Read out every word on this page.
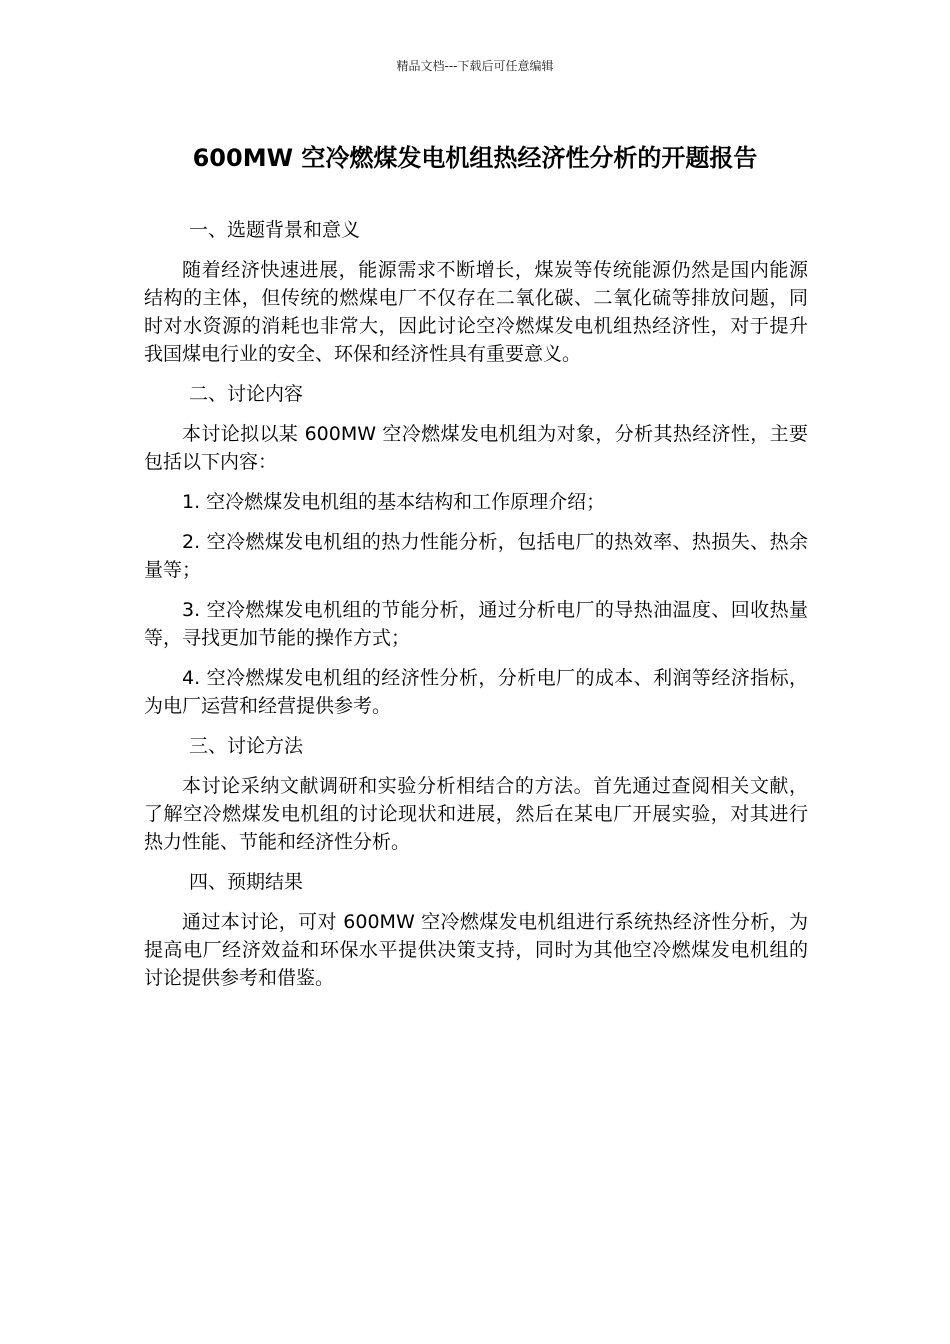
精品文档---下载后可任意编辑
600MW 空冷燃煤发电机组热经济性分析的开题报告

一、选题背景和意义

随着经济快速进展，能源需求不断增长，煤炭等传统能源仍然是国内能源结构的主体，但传统的燃煤电厂不仅存在二氧化碳、二氧化硫等排放问题，同时对水资源的消耗也非常大，因此讨论空冷燃煤发电机组热经济性，对于提升我国煤电行业的安全、环保和经济性具有重要意义。

二、讨论内容

本讨论拟以某 600MW 空冷燃煤发电机组为对象，分析其热经济性，主要包括以下内容：

1. 空冷燃煤发电机组的基本结构和工作原理介绍；

2. 空冷燃煤发电机组的热力性能分析，包括电厂的热效率、热损失、热余量等；

3. 空冷燃煤发电机组的节能分析，通过分析电厂的导热油温度、回收热量等，寻找更加节能的操作方式；

4. 空冷燃煤发电机组的经济性分析，分析电厂的成本、利润等经济指标，为电厂运营和经营提供参考。

三、讨论方法

本讨论采纳文献调研和实验分析相结合的方法。首先通过查阅相关文献，了解空冷燃煤发电机组的讨论现状和进展，然后在某电厂开展实验，对其进行热力性能、节能和经济性分析。

四、预期结果

通过本讨论，可对 600MW 空冷燃煤发电机组进行系统热经济性分析，为提高电厂经济效益和环保水平提供决策支持，同时为其他空冷燃煤发电机组的讨论提供参考和借鉴。
